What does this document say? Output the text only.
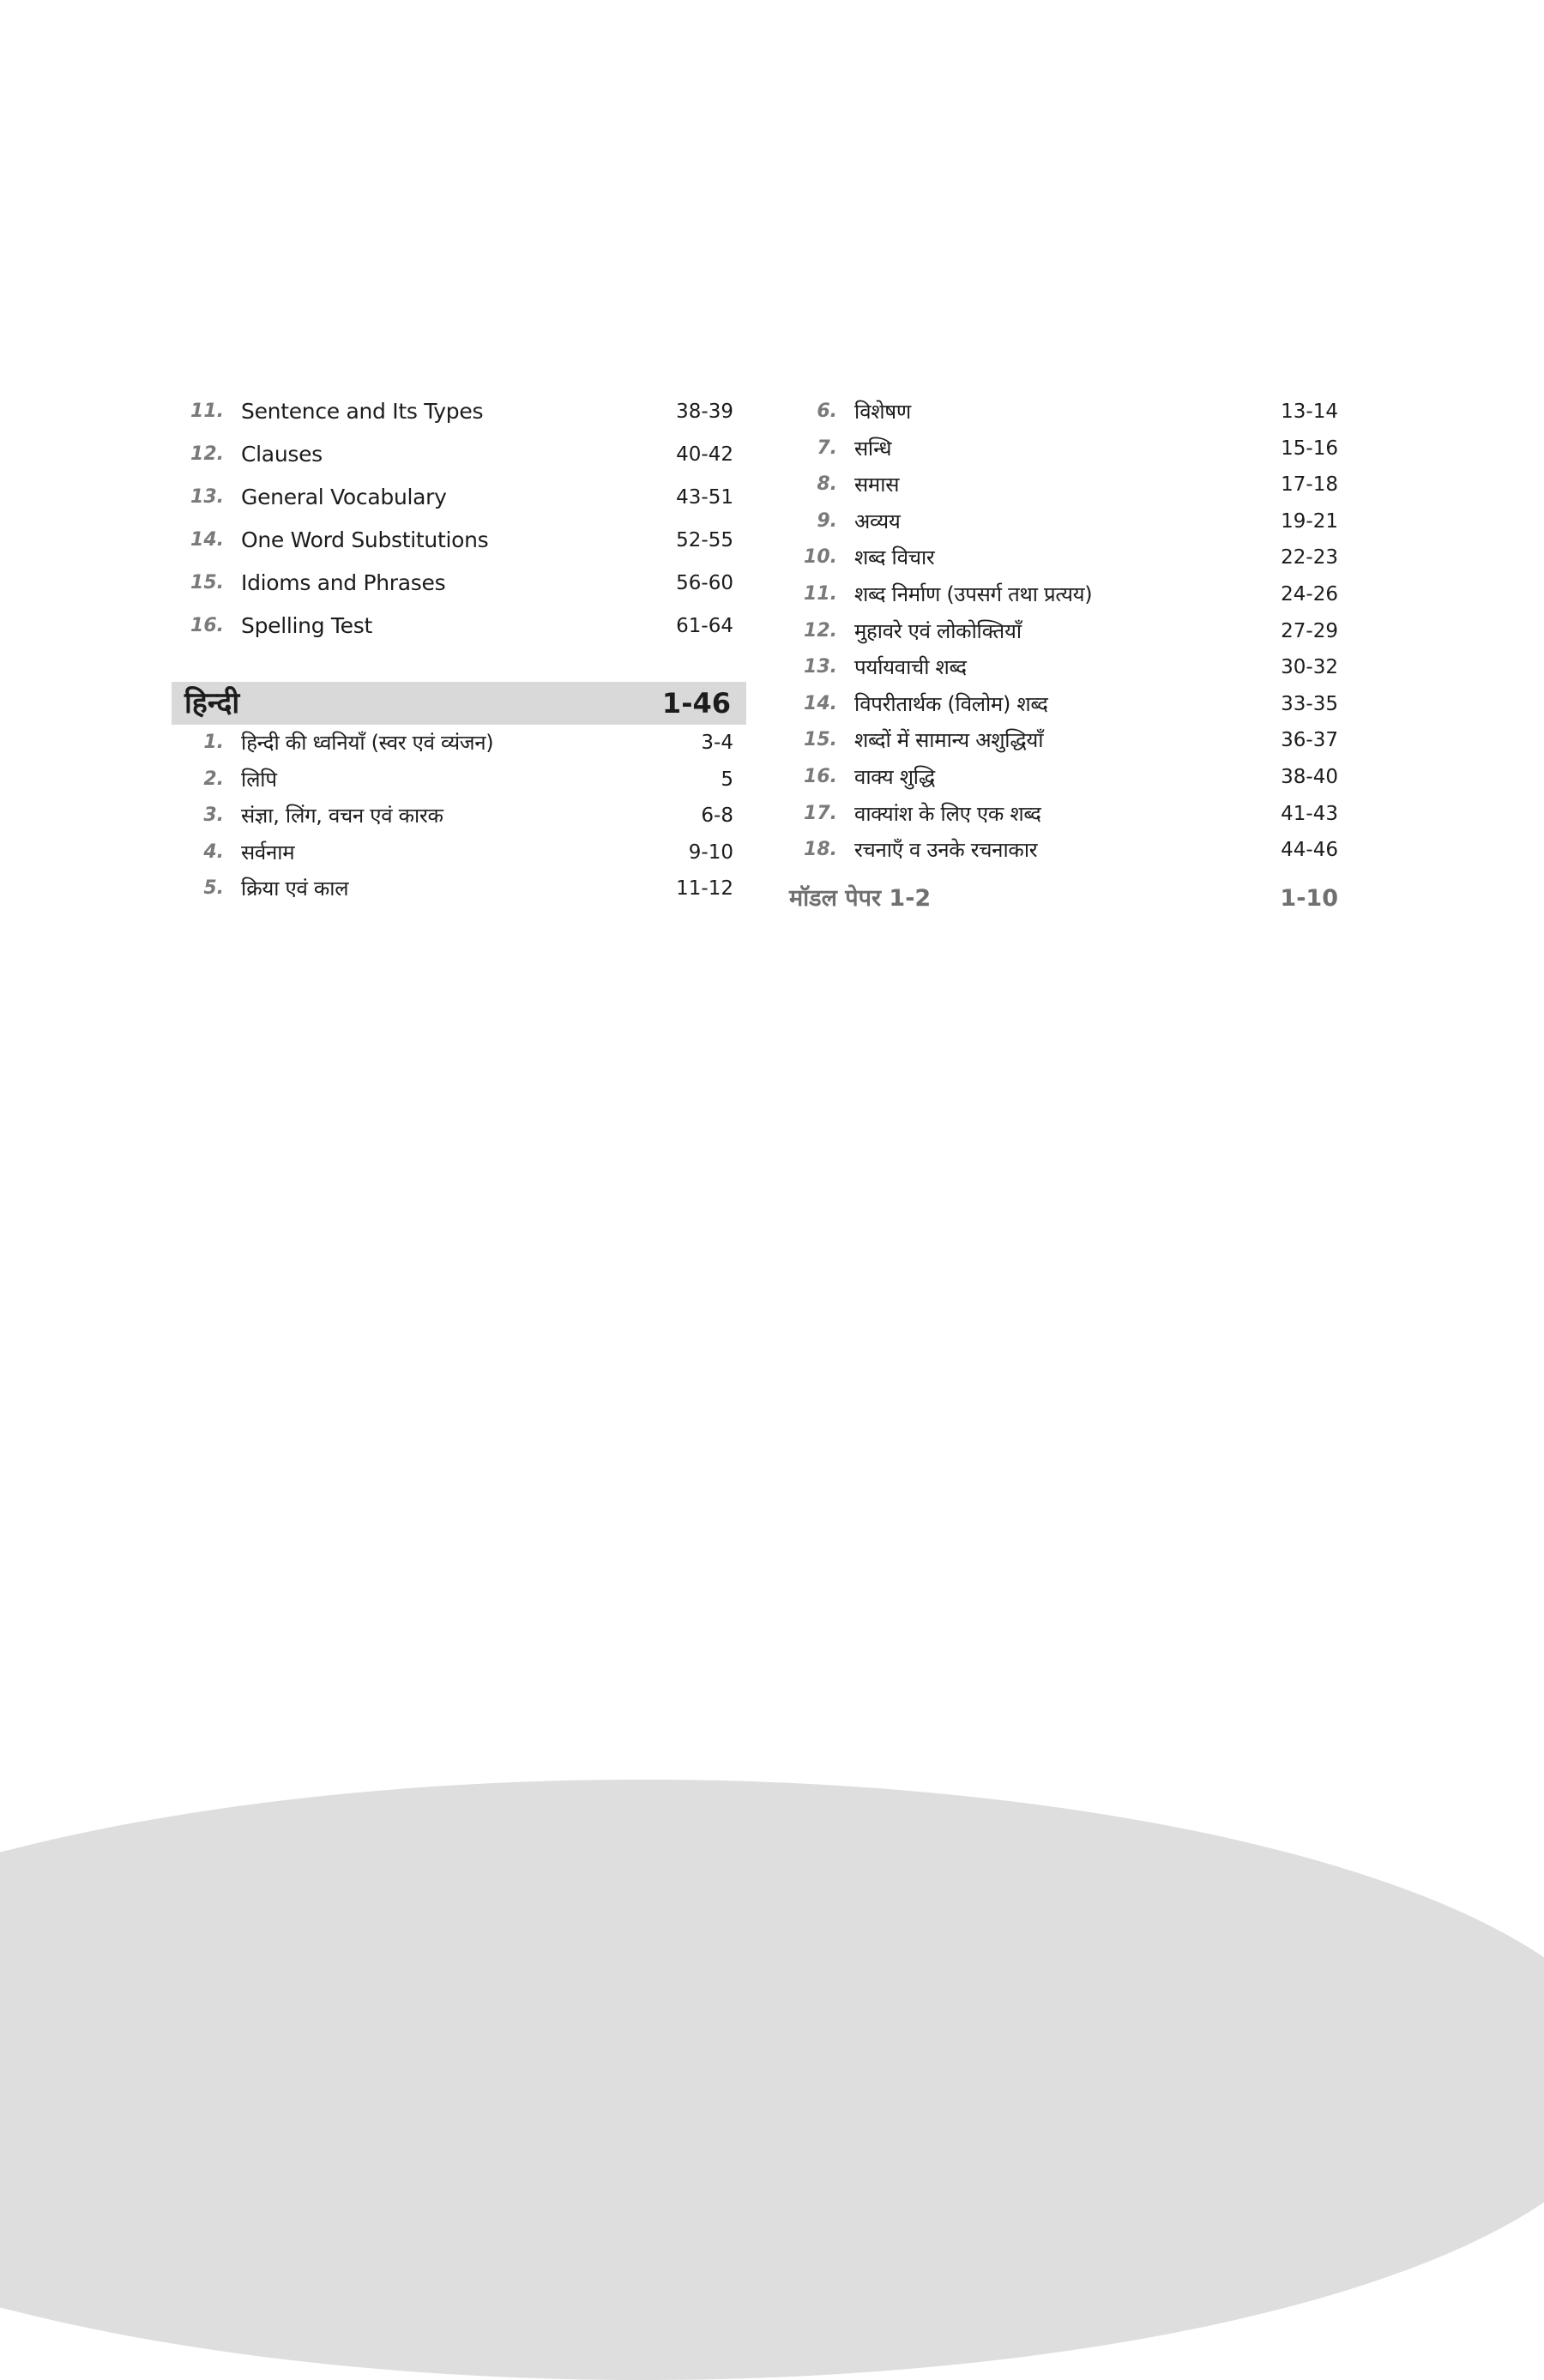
11. Sentence and Its Types	38-39
12. Clauses	40-42
13. General Vocabulary	43-51
14. One Word Substitutions	52-55
15. Idioms and Phrases	56-60
16. Spelling Test	61-64
हिन्दी	1-46
1. हिन्दी की ध्वनियाँ (स्वर एवं व्यंजन)	3-4
2. लिपि	5
3. संज्ञा, लिंग, वचन एवं कारक	6-8
4. सर्वनाम	9-10
5. क्रिया एवं काल	11-12
6. विशेषण	13-14
7. सन्धि	15-16
8. समास	17-18
9. अव्यय	19-21
10. शब्द विचार	22-23
11. शब्द निर्माण (उपसर्ग तथा प्रत्यय)	24-26
12. मुहावरे एवं लोकोक्तियाँ	27-29
13. पर्यायवाची शब्द	30-32
14. विपरीतार्थक (विलोम) शब्द	33-35
15. शब्दों में सामान्य अशुद्धियाँ	36-37
16. वाक्य शुद्धि	38-40
17. वाक्यांश के लिए एक शब्द	41-43
18. रचनाएँ व उनके रचनाकार	44-46
मॉडल पेपर 1-2	1-10
